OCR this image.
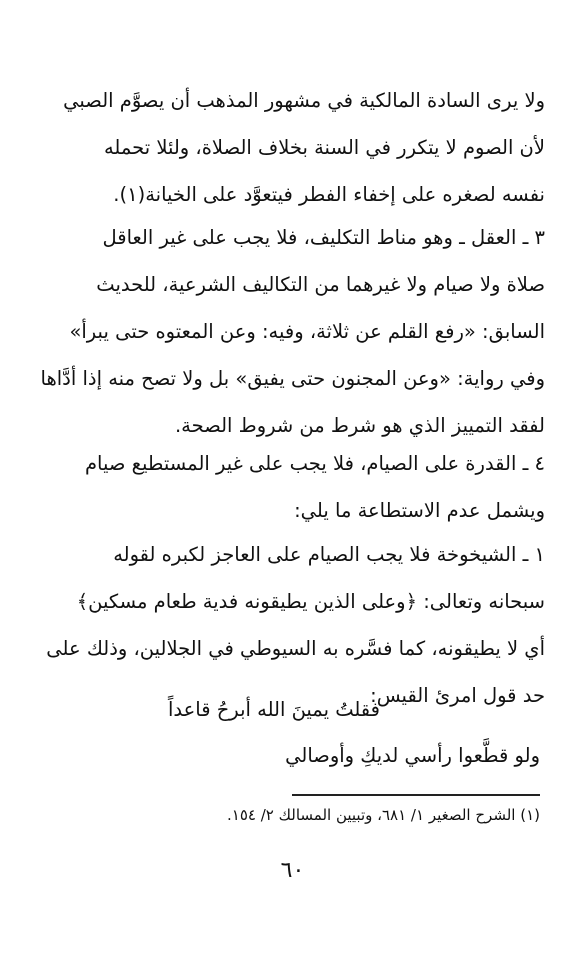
ولا يرى السادة المالكية في مشهور المذهب أن يصوَّم الصبي
لأن الصوم لا يتكرر في السنة بخلاف الصلاة، ولئلا تحمله
نفسه لصغره على إخفاء الفطر فيتعوَّد على الخيانة(١).
٣ ـ العقل ـ وهو مناط التكليف، فلا يجب على غير العاقل
صلاة ولا صيام ولا غيرهما من التكاليف الشرعية، للحديث
السابق: «رفع القلم عن ثلاثة، وفيه: وعن المعتوه حتى يبرأ»
وفي رواية: «وعن المجنون حتى يفيق» بل ولا تصح منه إذا أدَّاها
لفقد التمييز الذي هو شرط من شروط الصحة.
٤ ـ القدرة على الصيام، فلا يجب على غير المستطيع صيام
ويشمل عدم الاستطاعة ما يلي:
١ ـ الشيخوخة فلا يجب الصيام على العاجز لكبره لقوله
سبحانه وتعالى: ﴿وعلى الذين يطيقونه فدية طعام مسكين﴾
أي لا يطيقونه، كما فسَّره به السيوطي في الجلالين، وذلك على
حد قول امرئ القيس:
فقلتُ يمينَ الله أبرحُ قاعداً
ولو قطَّعوا رأسي لديكِ وأوصالي
(١) الشرح الصغير ١/ ٦٨١، وتبيين المسالك ٢/ ١٥٤.
٦٠
